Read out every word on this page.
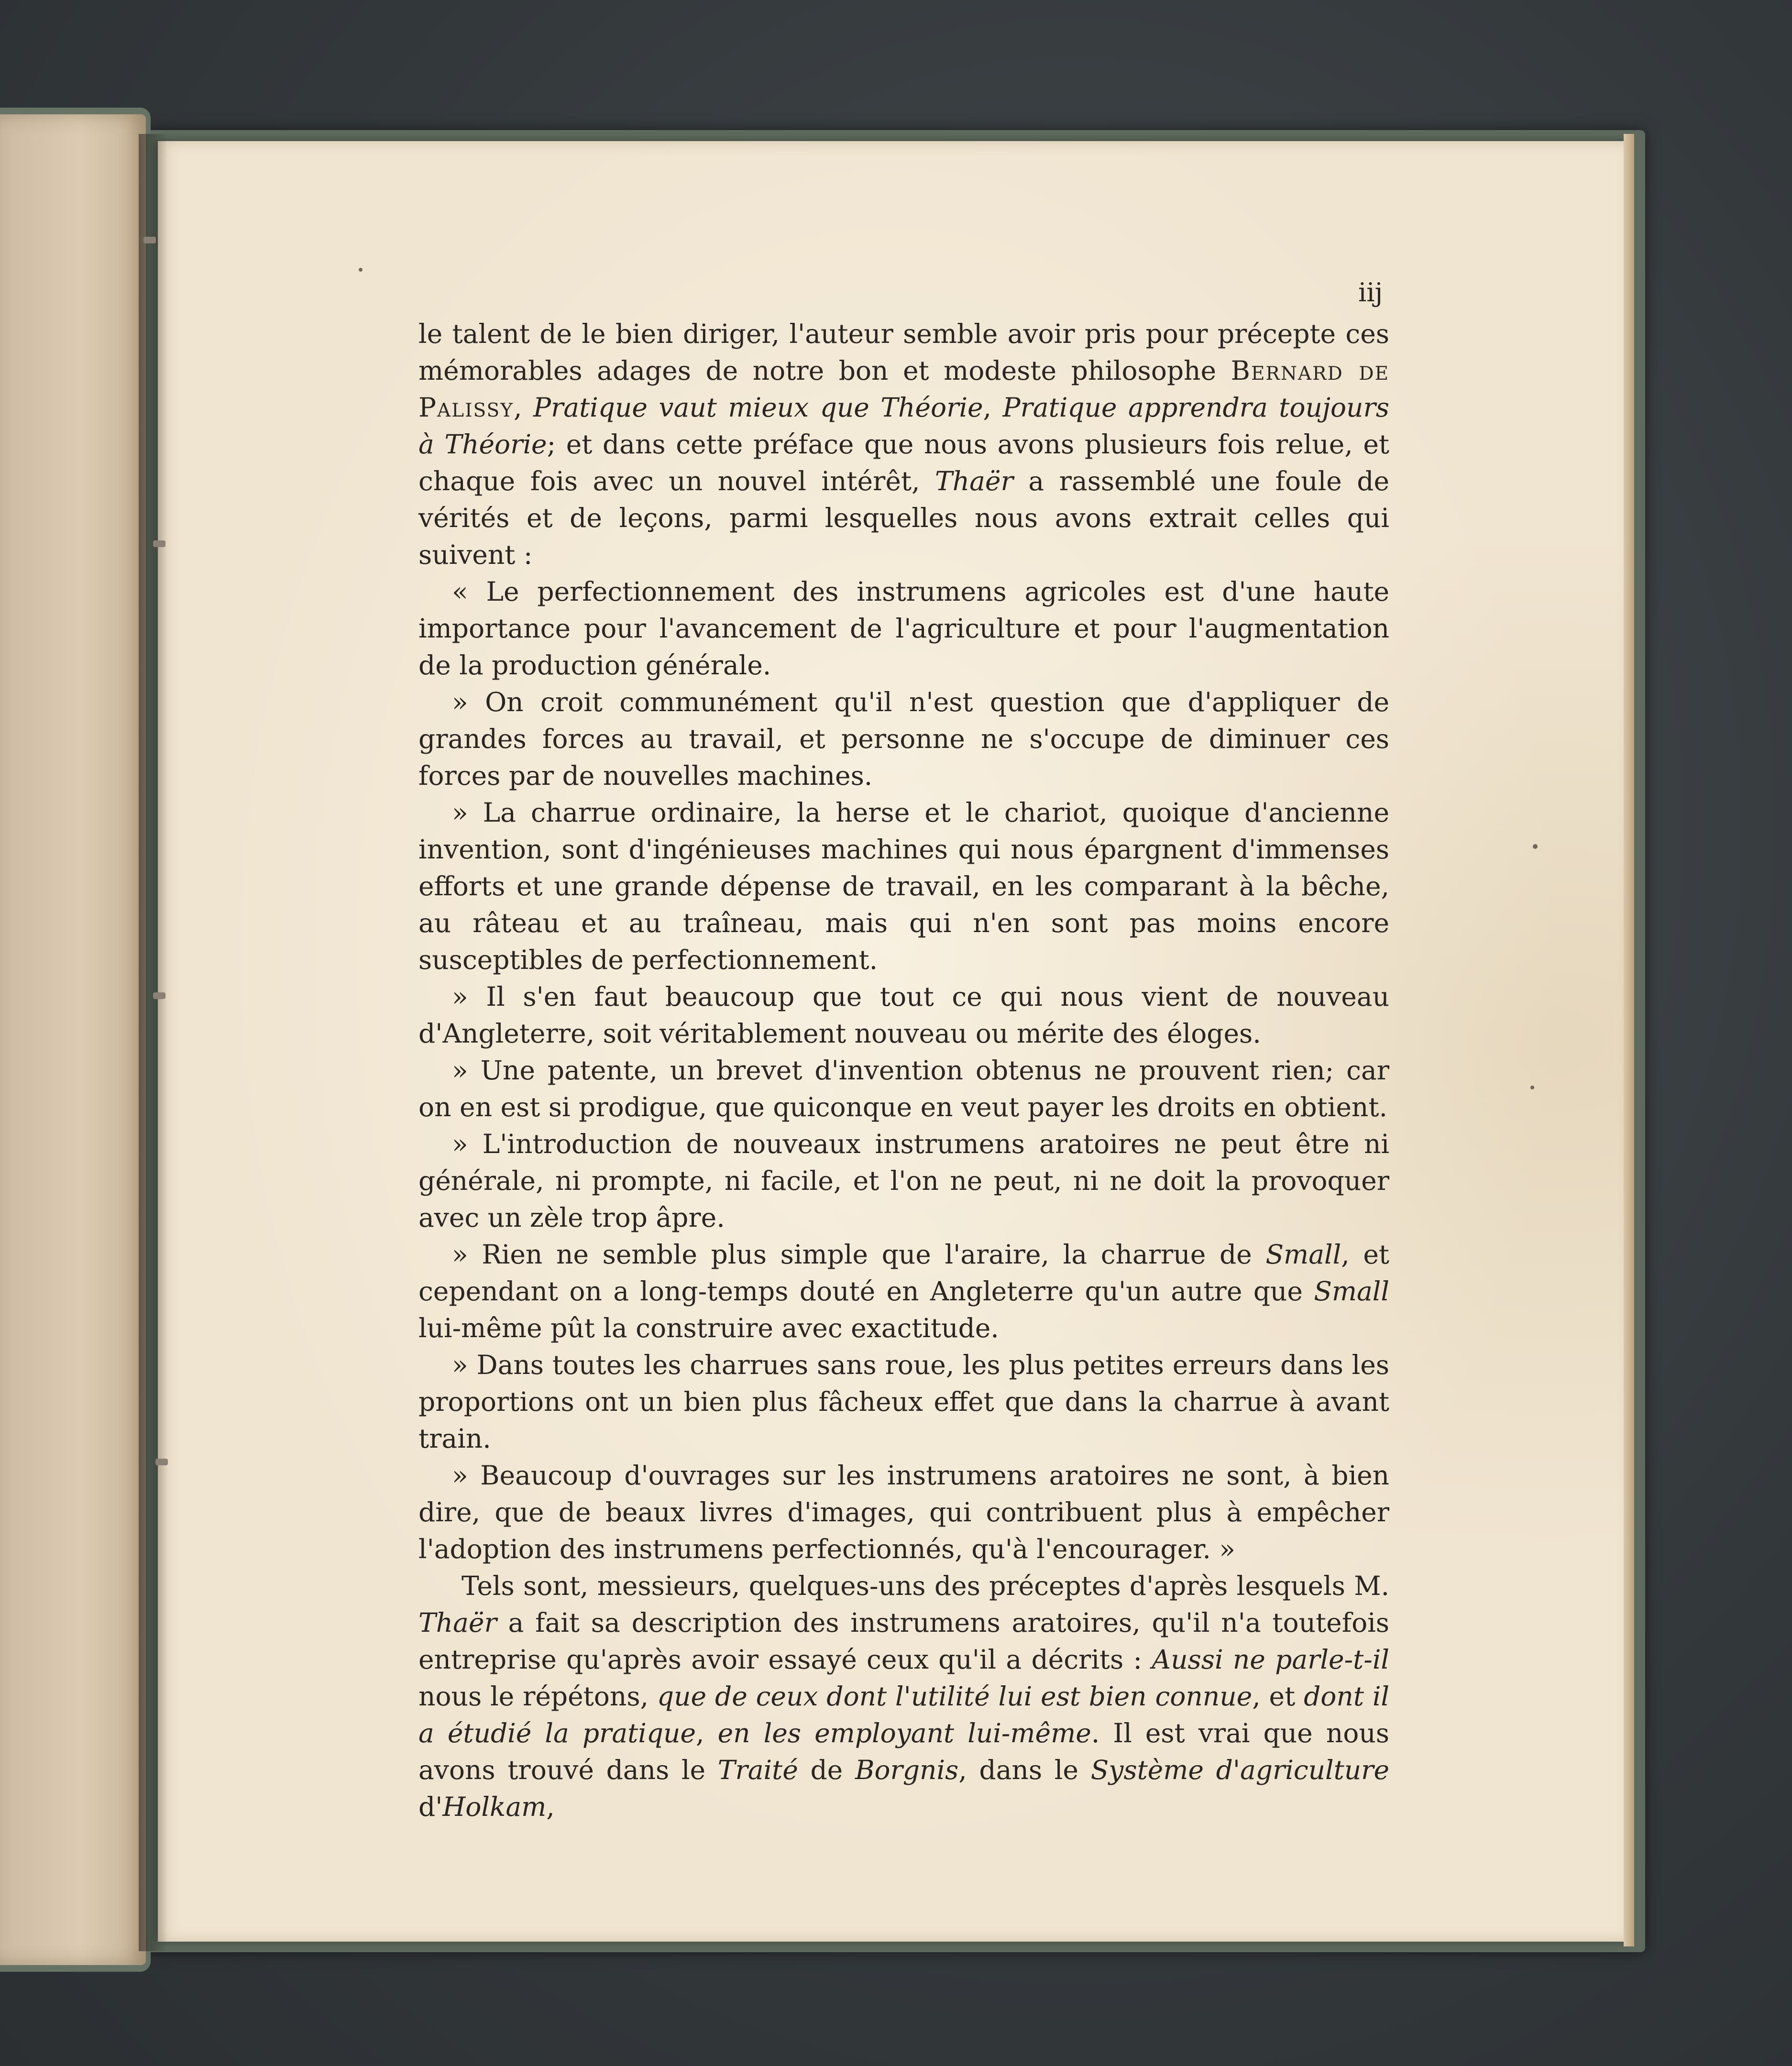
iij

le talent de le bien diriger, l'auteur semble avoir pris pour précepte ces mémorables adages de notre bon et modeste philosophe Bernard de Palissy, Pratique vaut mieux que Théorie, Pratique apprendra toujours à Théorie; et dans cette préface que nous avons plusieurs fois relue, et chaque fois avec un nouvel intérêt, Thaër a rassemblé une foule de vérités et de leçons, parmi lesquelles nous avons extrait celles qui suivent :

« Le perfectionnement des instrumens agricoles est d'une haute importance pour l'avancement de l'agriculture et pour l'augmentation de la production générale.

» On croit communément qu'il n'est question que d'appliquer de grandes forces au travail, et personne ne s'occupe de diminuer ces forces par de nouvelles machines.

» La charrue ordinaire, la herse et le chariot, quoique d'ancienne invention, sont d'ingénieuses machines qui nous épargnent d'immenses efforts et une grande dépense de travail, en les comparant à la bêche, au râteau et au traîneau, mais qui n'en sont pas moins encore susceptibles de perfectionnement.

» Il s'en faut beaucoup que tout ce qui nous vient de nouveau d'Angleterre, soit véritablement nouveau ou mérite des éloges.

» Une patente, un brevet d'invention obtenus ne prouvent rien; car on en est si prodigue, que quiconque en veut payer les droits en obtient.

» L'introduction de nouveaux instrumens aratoires ne peut être ni générale, ni prompte, ni facile, et l'on ne peut, ni ne doit la provoquer avec un zèle trop âpre.

» Rien ne semble plus simple que l'araire, la charrue de Small, et cependant on a long-temps douté en Angleterre qu'un autre que Small lui-même pût la construire avec exactitude.

» Dans toutes les charrues sans roue, les plus petites erreurs dans les proportions ont un bien plus fâcheux effet que dans la charrue à avant train.

» Beaucoup d'ouvrages sur les instrumens aratoires ne sont, à bien dire, que de beaux livres d'images, qui contribuent plus à empêcher l'adoption des instrumens perfectionnés, qu'à l'encourager. »

Tels sont, messieurs, quelques-uns des préceptes d'après lesquels M. Thaër a fait sa description des instrumens aratoires, qu'il n'a toutefois entreprise qu'après avoir essayé ceux qu'il a décrits : Aussi ne parle-t-il nous le répétons, que de ceux dont l'utilité lui est bien connue, et dont il a étudié la pratique, en les employant lui-même. Il est vrai que nous avons trouvé dans le Traité de Borgnis, dans le Système d'agriculture d'Holkam,
